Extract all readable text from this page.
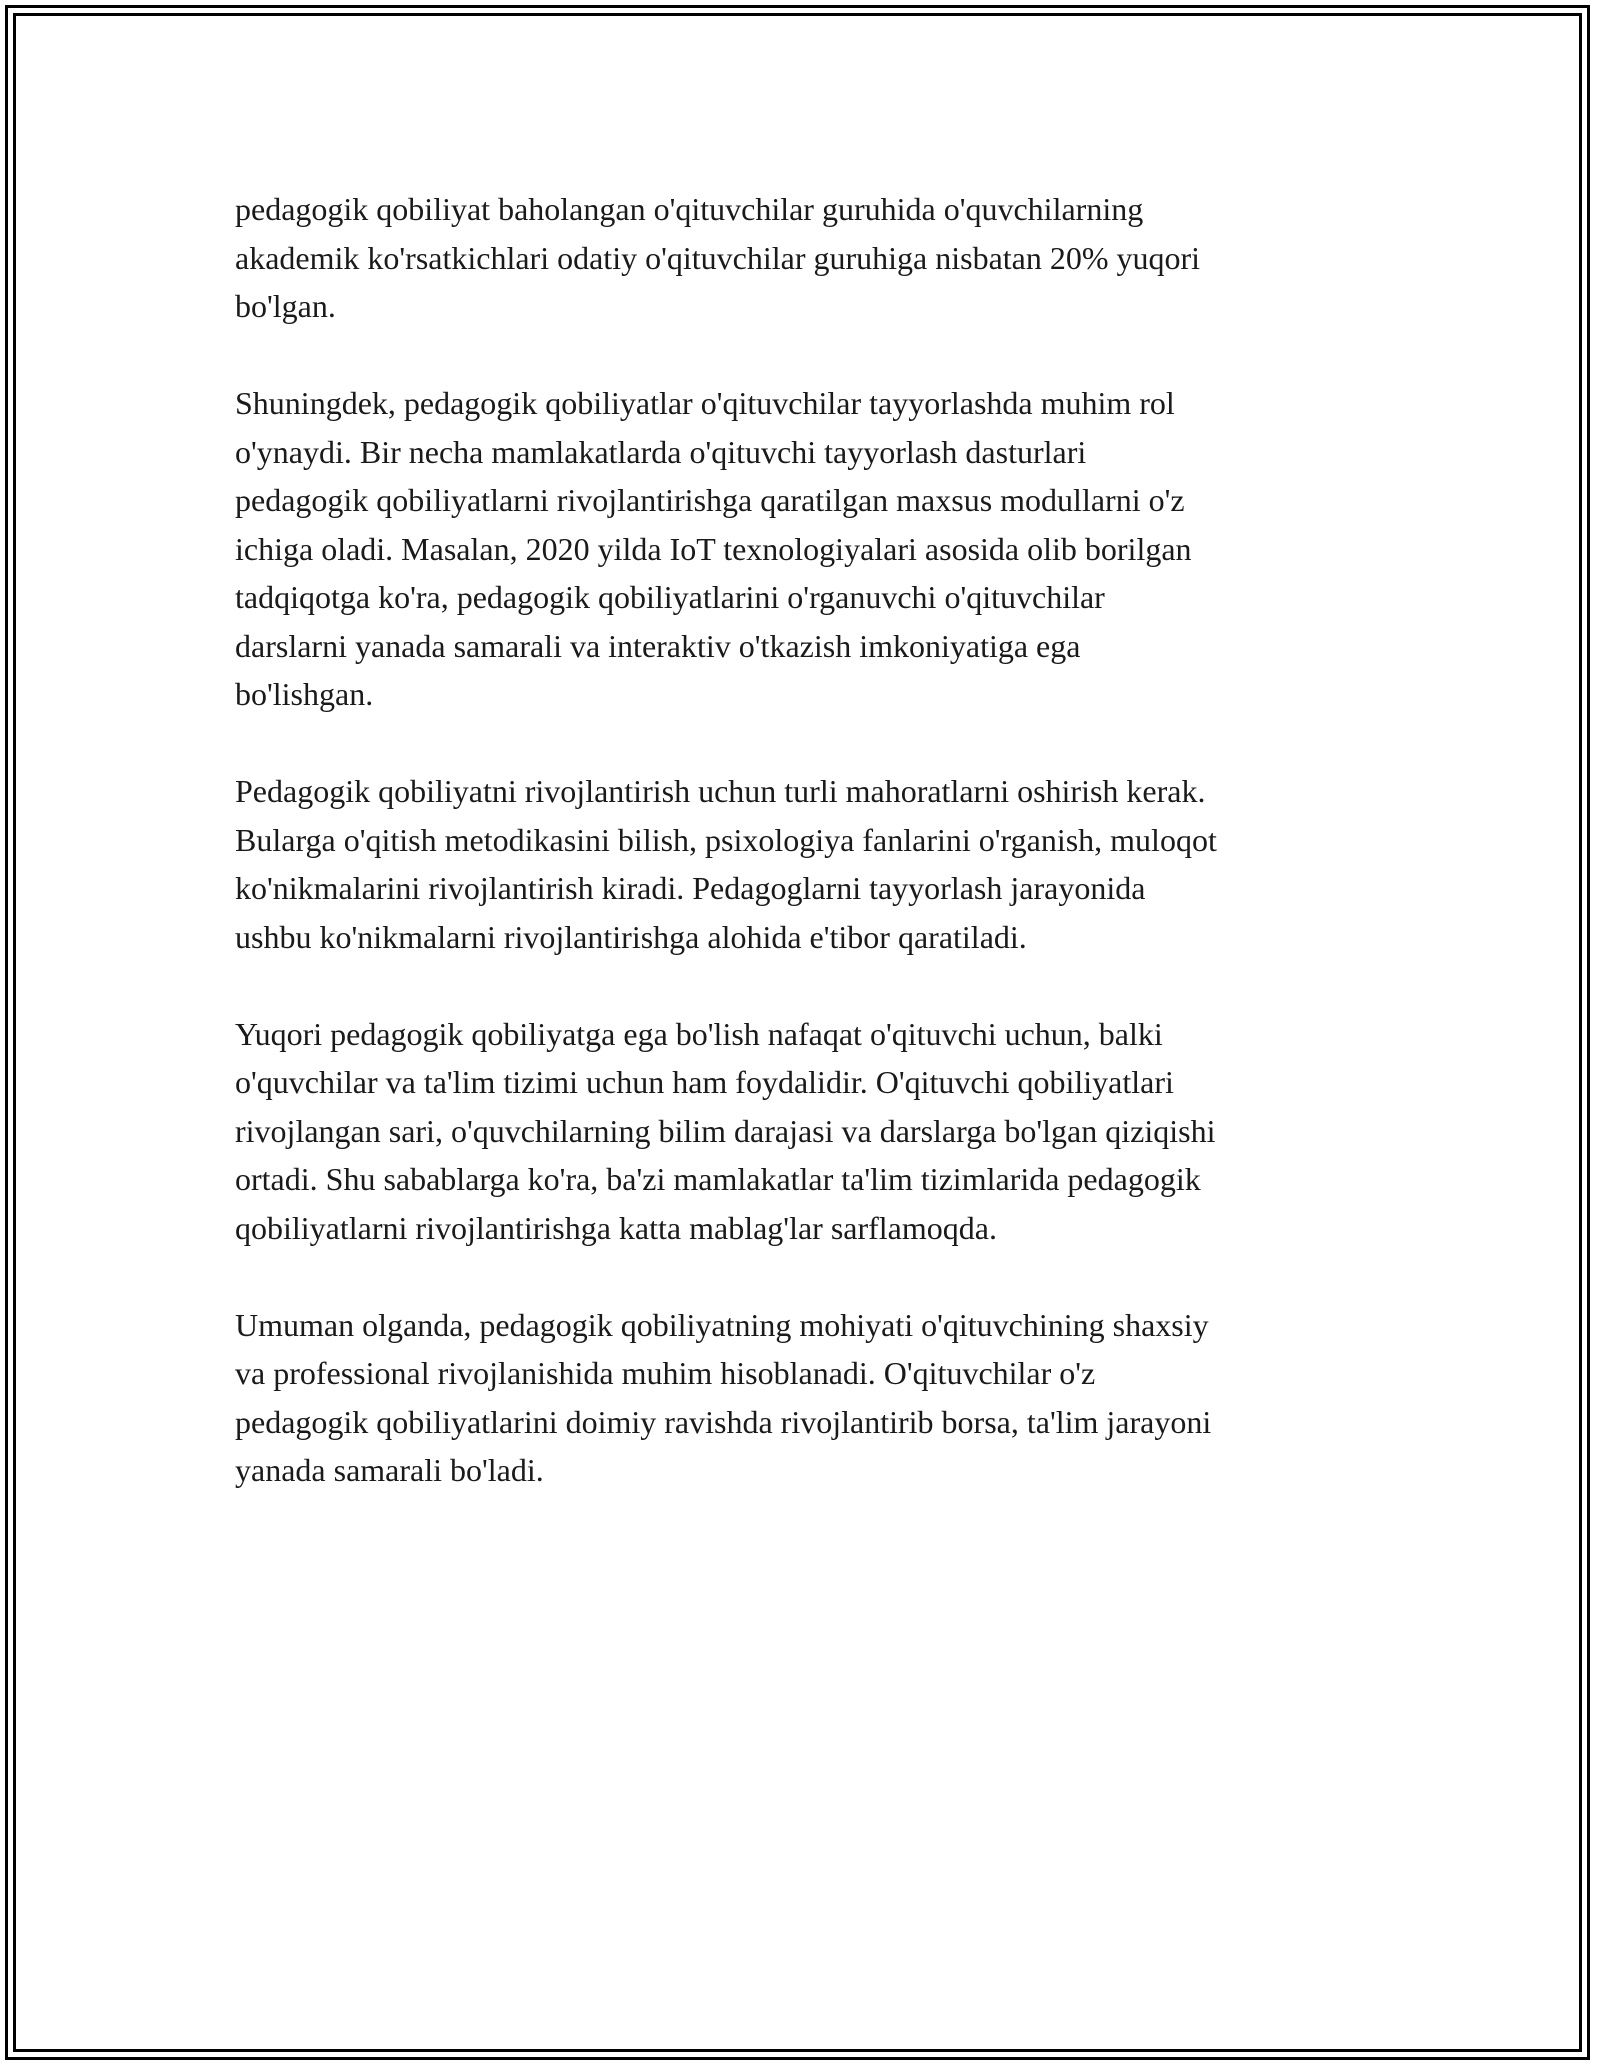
pedagogik qobiliyat baholangan o'qituvchilar guruhida o'quvchilarning
akademik ko'rsatkichlari odatiy o'qituvchilar guruhiga nisbatan 20% yuqori
bo'lgan.

Shuningdek, pedagogik qobiliyatlar o'qituvchilar tayyorlashda muhim rol
o'ynaydi. Bir necha mamlakatlarda o'qituvchi tayyorlash dasturlari
pedagogik qobiliyatlarni rivojlantirishga qaratilgan maxsus modullarni o'z
ichiga oladi. Masalan, 2020 yilda IoT texnologiyalari asosida olib borilgan
tadqiqotga ko'ra, pedagogik qobiliyatlarini o'rganuvchi o'qituvchilar
darslarni yanada samarali va interaktiv o'tkazish imkoniyatiga ega
bo'lishgan.

Pedagogik qobiliyatni rivojlantirish uchun turli mahoratlarni oshirish kerak.
Bularga o'qitish metodikasini bilish, psixologiya fanlarini o'rganish, muloqot
ko'nikmalarini rivojlantirish kiradi. Pedagoglarni tayyorlash jarayonida
ushbu ko'nikmalarni rivojlantirishga alohida e'tibor qaratiladi.

Yuqori pedagogik qobiliyatga ega bo'lish nafaqat o'qituvchi uchun, balki
o'quvchilar va ta'lim tizimi uchun ham foydalidir. O'qituvchi qobiliyatlari
rivojlangan sari, o'quvchilarning bilim darajasi va darslarga bo'lgan qiziqishi
ortadi. Shu sabablarga ko'ra, ba'zi mamlakatlar ta'lim tizimlarida pedagogik
qobiliyatlarni rivojlantirishga katta mablag'lar sarflamoqda.

Umuman olganda, pedagogik qobiliyatning mohiyati o'qituvchining shaxsiy
va professional rivojlanishida muhim hisoblanadi. O'qituvchilar o'z
pedagogik qobiliyatlarini doimiy ravishda rivojlantirib borsa, ta'lim jarayoni
yanada samarali bo'ladi.
